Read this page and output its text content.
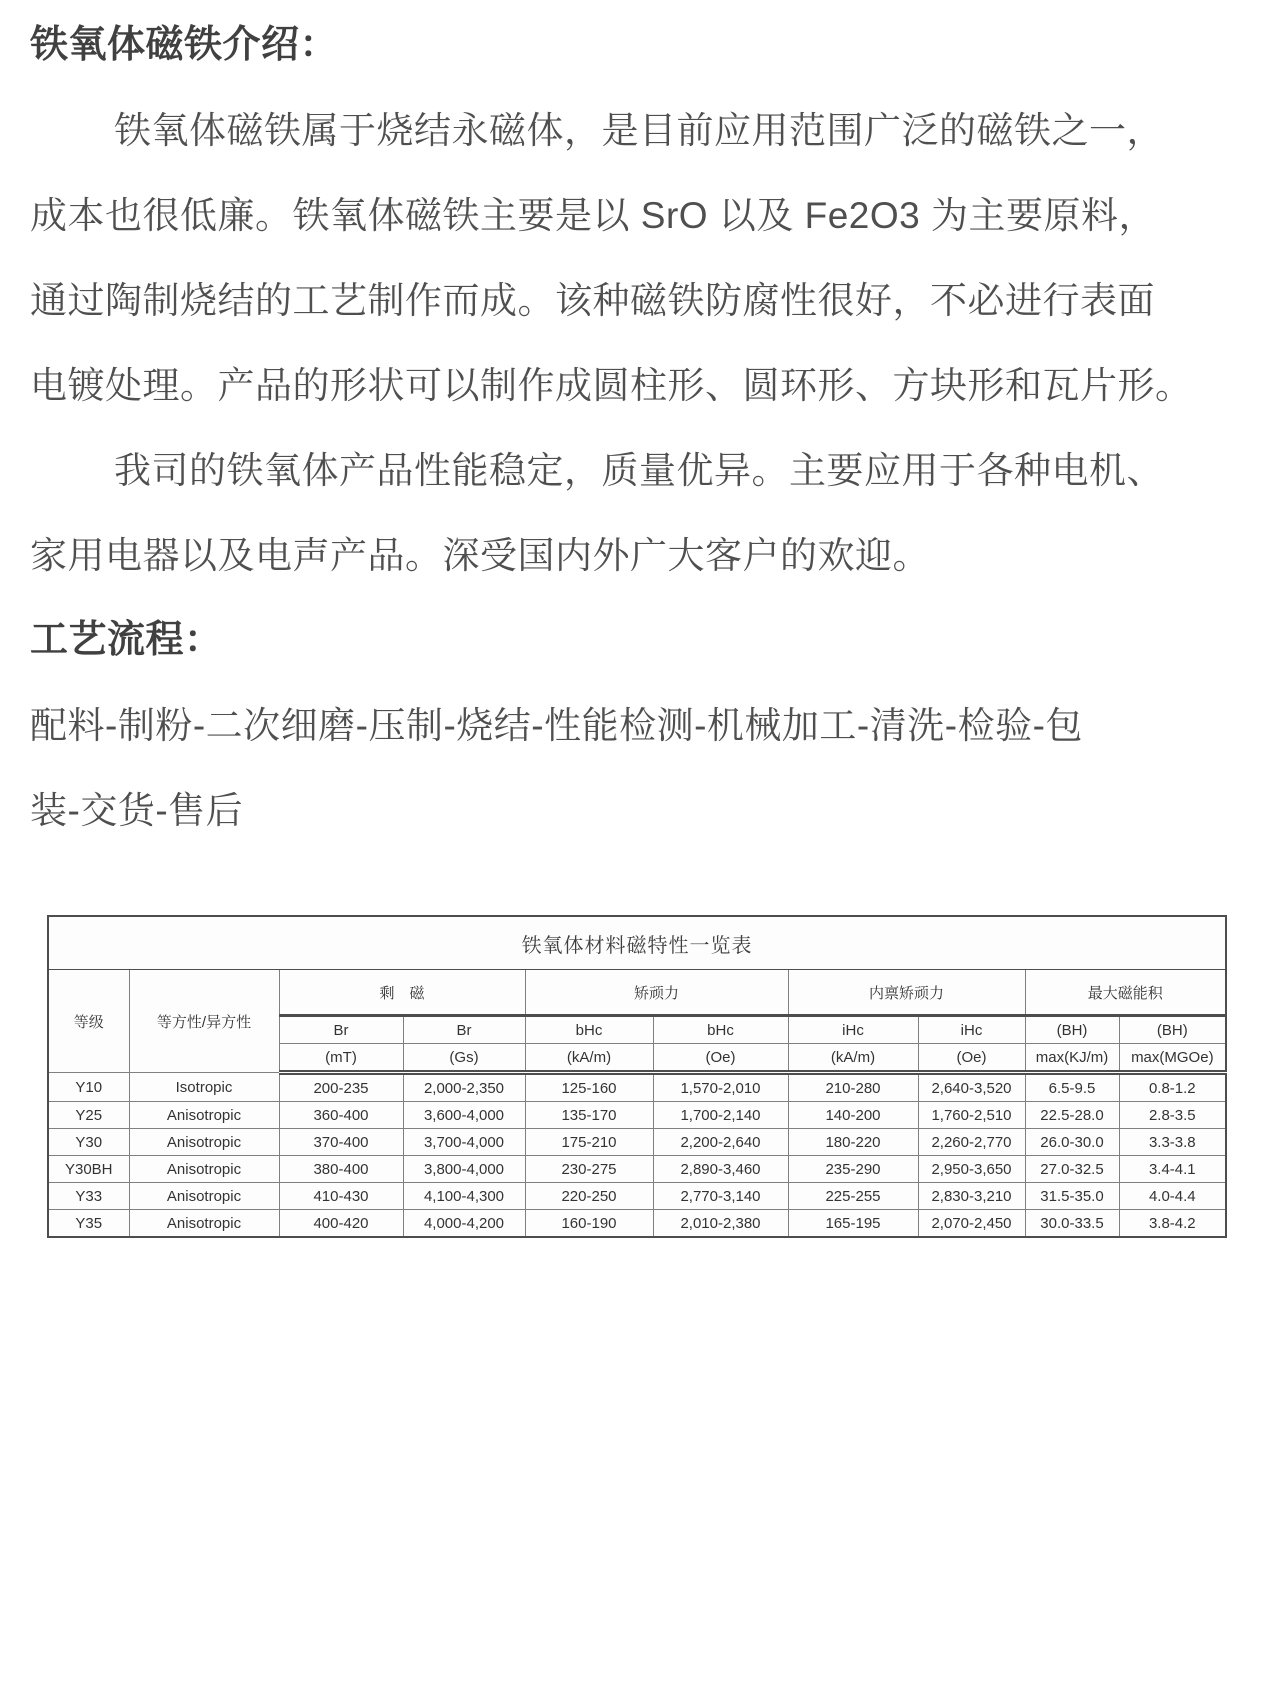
铁氧体磁铁介绍：
铁氧体磁铁属于烧结永磁体，是目前应用范围广泛的磁铁之一，
成本也很低廉。铁氧体磁铁主要是以 SrO 以及 Fe2O3 为主要原料，
通过陶制烧结的工艺制作而成。该种磁铁防腐性很好，不必进行表面
电镀处理。产品的形状可以制作成圆柱形、圆环形、方块形和瓦片形。
我司的铁氧体产品性能稳定，质量优异。主要应用于各种电机、
家用电器以及电声产品。深受国内外广大客户的欢迎。
工艺流程：
配料-制粉-二次细磨-压制-烧结-性能检测-机械加工-清洗-检验-包
装-交货-售后
铁氧体材料磁特性一览表									
等级	等方性/异方性	剩　磁		矫顽力		内禀矫顽力		最大磁能积	
		Br	Br	bHc	bHc	iHc	iHc	(BH)	(BH)
		(mT)	(Gs)	(kA/m)	(Oe)	(kA/m)	(Oe)	max(KJ/m)	max(MGOe)
Y10	Isotropic	200-235	2,000-2,350	125-160	1,570-2,010	210-280	2,640-3,520	6.5-9.5	0.8-1.2
Y25	Anisotropic	360-400	3,600-4,000	135-170	1,700-2,140	140-200	1,760-2,510	22.5-28.0	2.8-3.5
Y30	Anisotropic	370-400	3,700-4,000	175-210	2,200-2,640	180-220	2,260-2,770	26.0-30.0	3.3-3.8
Y30BH	Anisotropic	380-400	3,800-4,000	230-275	2,890-3,460	235-290	2,950-3,650	27.0-32.5	3.4-4.1
Y33	Anisotropic	410-430	4,100-4,300	220-250	2,770-3,140	225-255	2,830-3,210	31.5-35.0	4.0-4.4
Y35	Anisotropic	400-420	4,000-4,200	160-190	2,010-2,380	165-195	2,070-2,450	30.0-33.5	3.8-4.2
